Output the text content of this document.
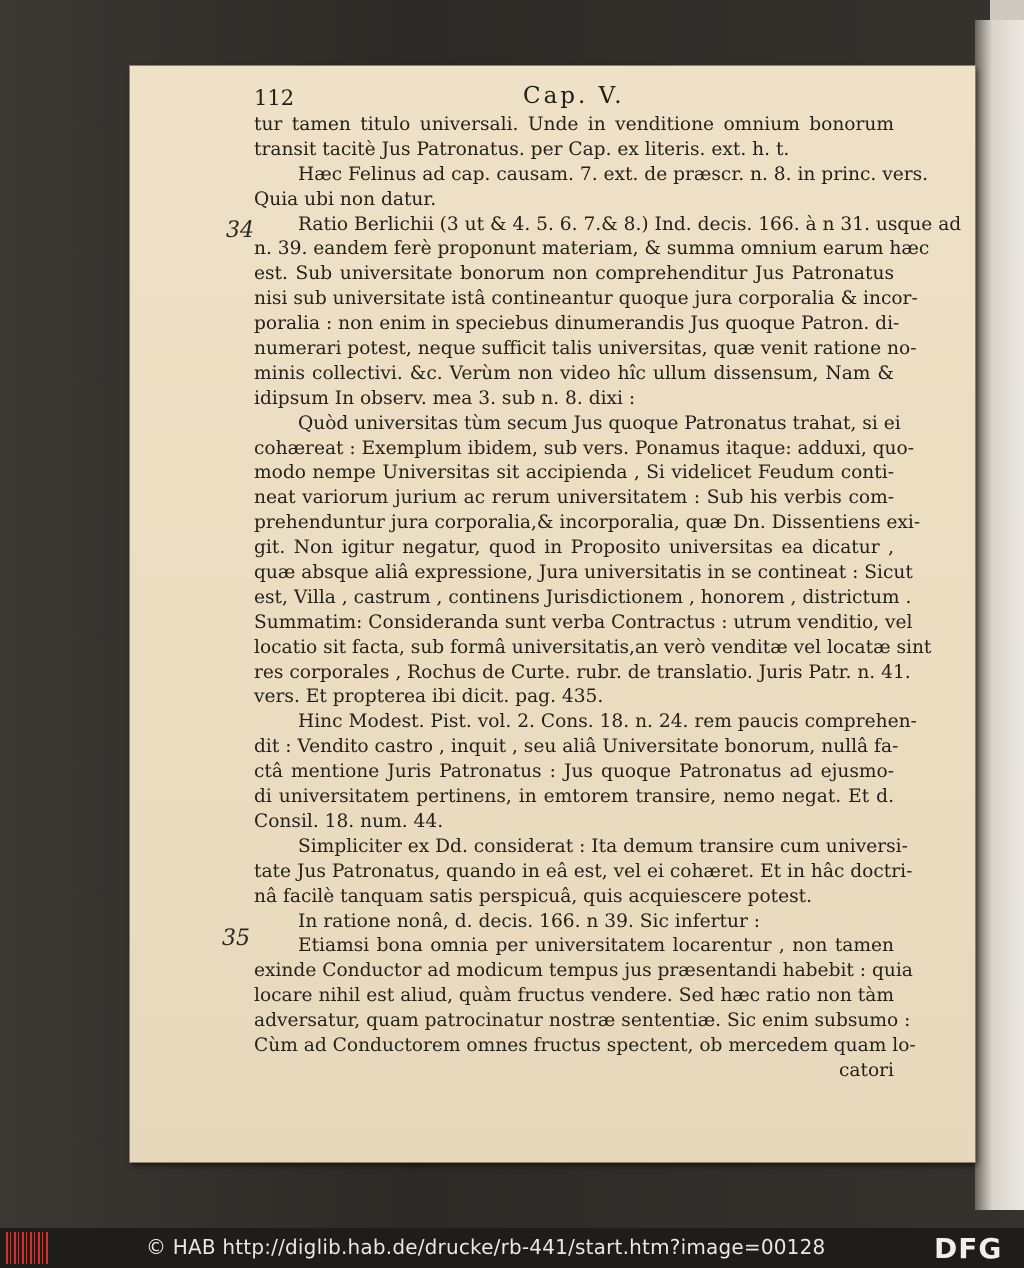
112	Cap. V.
34
35
tur tamen titulo universali. Unde in venditione omnium bonorum
transit tacitè Jus Patronatus. per Cap. ex literis. ext. h. t.
Hæc Felinus ad cap. causam. 7. ext. de præscr. n. 8. in princ. vers.
Quia ubi non datur.
Ratio Berlichii (3 ut & 4. 5. 6. 7.& 8.) Ind. decis. 166. à n 31. usque ad
n. 39. eandem ferè proponunt materiam, & summa omnium earum hæc
est. Sub universitate bonorum non comprehenditur Jus Patronatus
nisi sub universitate istâ contineantur quoque jura corporalia & incor-
poralia : non enim in speciebus dinumerandis Jus quoque Patron. di-
numerari potest, neque sufficit talis universitas, quæ venit ratione no-
minis collectivi. &c. Verùm non video hîc ullum dissensum, Nam &
idipsum In observ. mea 3. sub n. 8. dixi :
Quòd universitas tùm secum Jus quoque Patronatus trahat, si ei
cohæreat : Exemplum ibidem, sub vers. Ponamus itaque: adduxi, quo-
modo nempe Universitas sit accipienda , Si videlicet Feudum conti-
neat variorum jurium ac rerum universitatem : Sub his verbis com-
prehenduntur jura corporalia,& incorporalia, quæ Dn. Dissentiens exi-
git. Non igitur negatur, quod in Proposito universitas ea dicatur ,
quæ absque aliâ expressione, Jura universitatis in se contineat : Sicut
est, Villa , castrum , continens Jurisdictionem , honorem , districtum .
Summatim: Consideranda sunt verba Contractus : utrum venditio, vel
locatio sit facta, sub formâ universitatis,an verò venditæ vel locatæ sint
res corporales , Rochus de Curte. rubr. de translatio. Juris Patr. n. 41.
vers. Et propterea ibi dicit. pag. 435.
Hinc Modest. Pist. vol. 2. Cons. 18. n. 24. rem paucis comprehen-
dit : Vendito castro , inquit , seu aliâ Universitate bonorum, nullâ fa-
ctâ mentione Juris Patronatus : Jus quoque Patronatus ad ejusmo-
di universitatem pertinens, in emtorem transire, nemo negat. Et d.
Consil. 18. num. 44.
Simpliciter ex Dd. considerat : Ita demum transire cum universi-
tate Jus Patronatus, quando in eâ est, vel ei cohæret. Et in hâc doctri-
nâ facilè tanquam satis perspicuâ, quis acquiescere potest.
In ratione nonâ, d. decis. 166. n 39. Sic infertur :
Etiamsi bona omnia per universitatem locarentur , non tamen
exinde Conductor ad modicum tempus jus præsentandi habebit : quia
locare nihil est aliud, quàm fructus vendere. Sed hæc ratio non tàm
adversatur, quam patrocinatur nostræ sententiæ. Sic enim subsumo :
Cùm ad Conductorem omnes fructus spectent, ob mercedem quam lo-
catori
© HAB http://diglib.hab.de/drucke/rb-441/start.htm?image=00128	DFG
